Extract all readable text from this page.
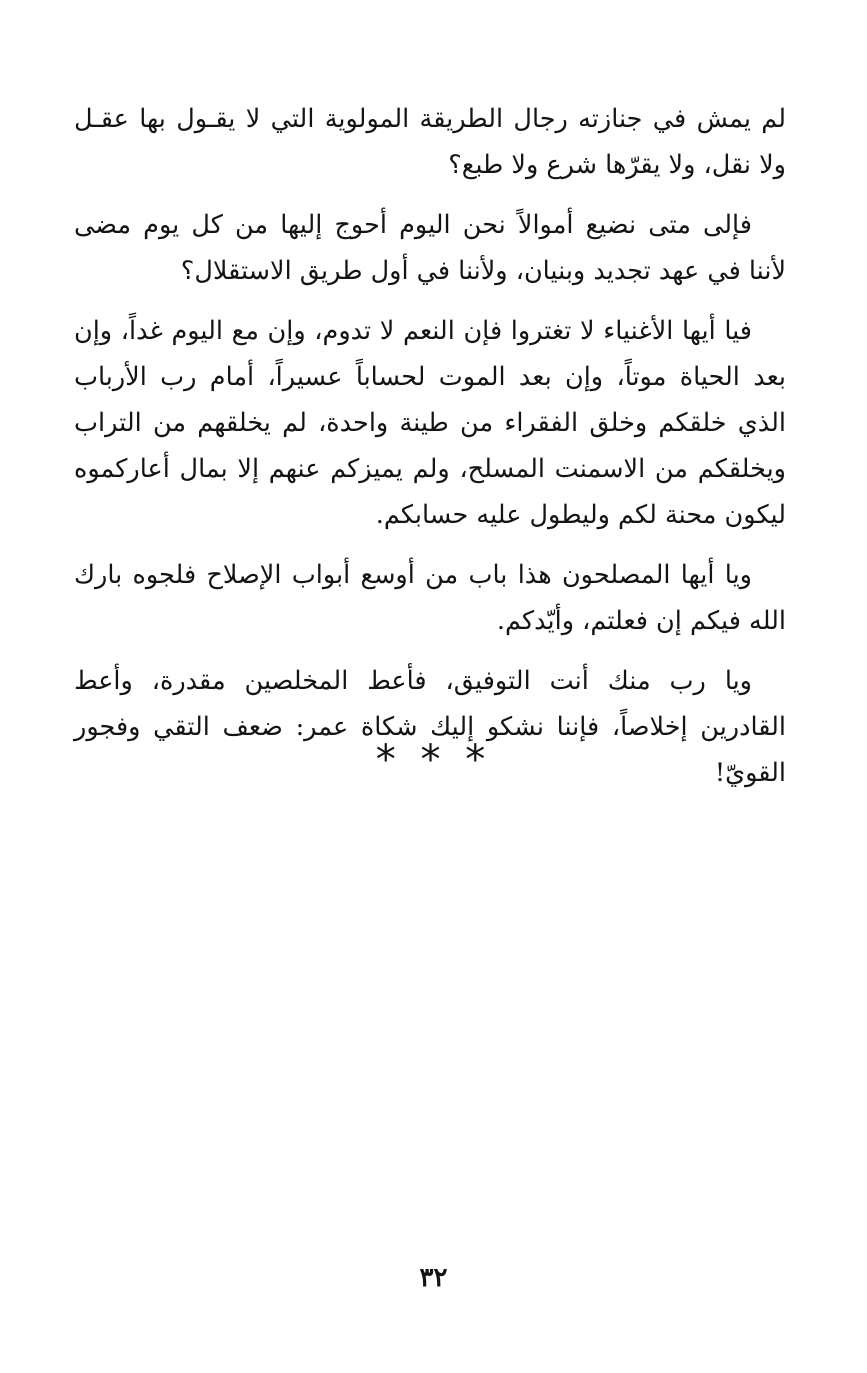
لم يمش في جنازته رجال الطريقة المولوية التي لا يقـول بها عقـل ولا نقل، ولا يقرّها شرع ولا طبع؟

فإلى متى نضيع أموالاً نحن اليوم أحوج إليها من كل يوم مضى لأننا في عهد تجديد وبنيان، ولأننا في أول طريق الاستقلال؟

فيا أيها الأغنياء لا تغتروا فإن النعم لا تدوم، وإن مع اليوم غداً، وإن بعد الحياة موتاً، وإن بعد الموت لحساباً عسيراً، أمام رب الأرباب الذي خلقكم وخلق الفقراء من طينة واحدة، لم يخلقهم من التراب ويخلقكم من الاسمنت المسلح، ولم يميزكم عنهم إلا بمال أعاركموه ليكون محنة لكم وليطول عليه حسابكم.

ويا أيها المصلحون هذا باب من أوسع أبواب الإصلاح فلجوه بارك الله فيكم إن فعلتم، وأيّدكم.

ويا رب منك أنت التوفيق، فأعط المخلصين مقدرة، وأعط القادرين إخلاصاً، فإننا نشكو إليك شكاة عمر: ضعف التقي وفجور القويّ!

* * *
٣٢
